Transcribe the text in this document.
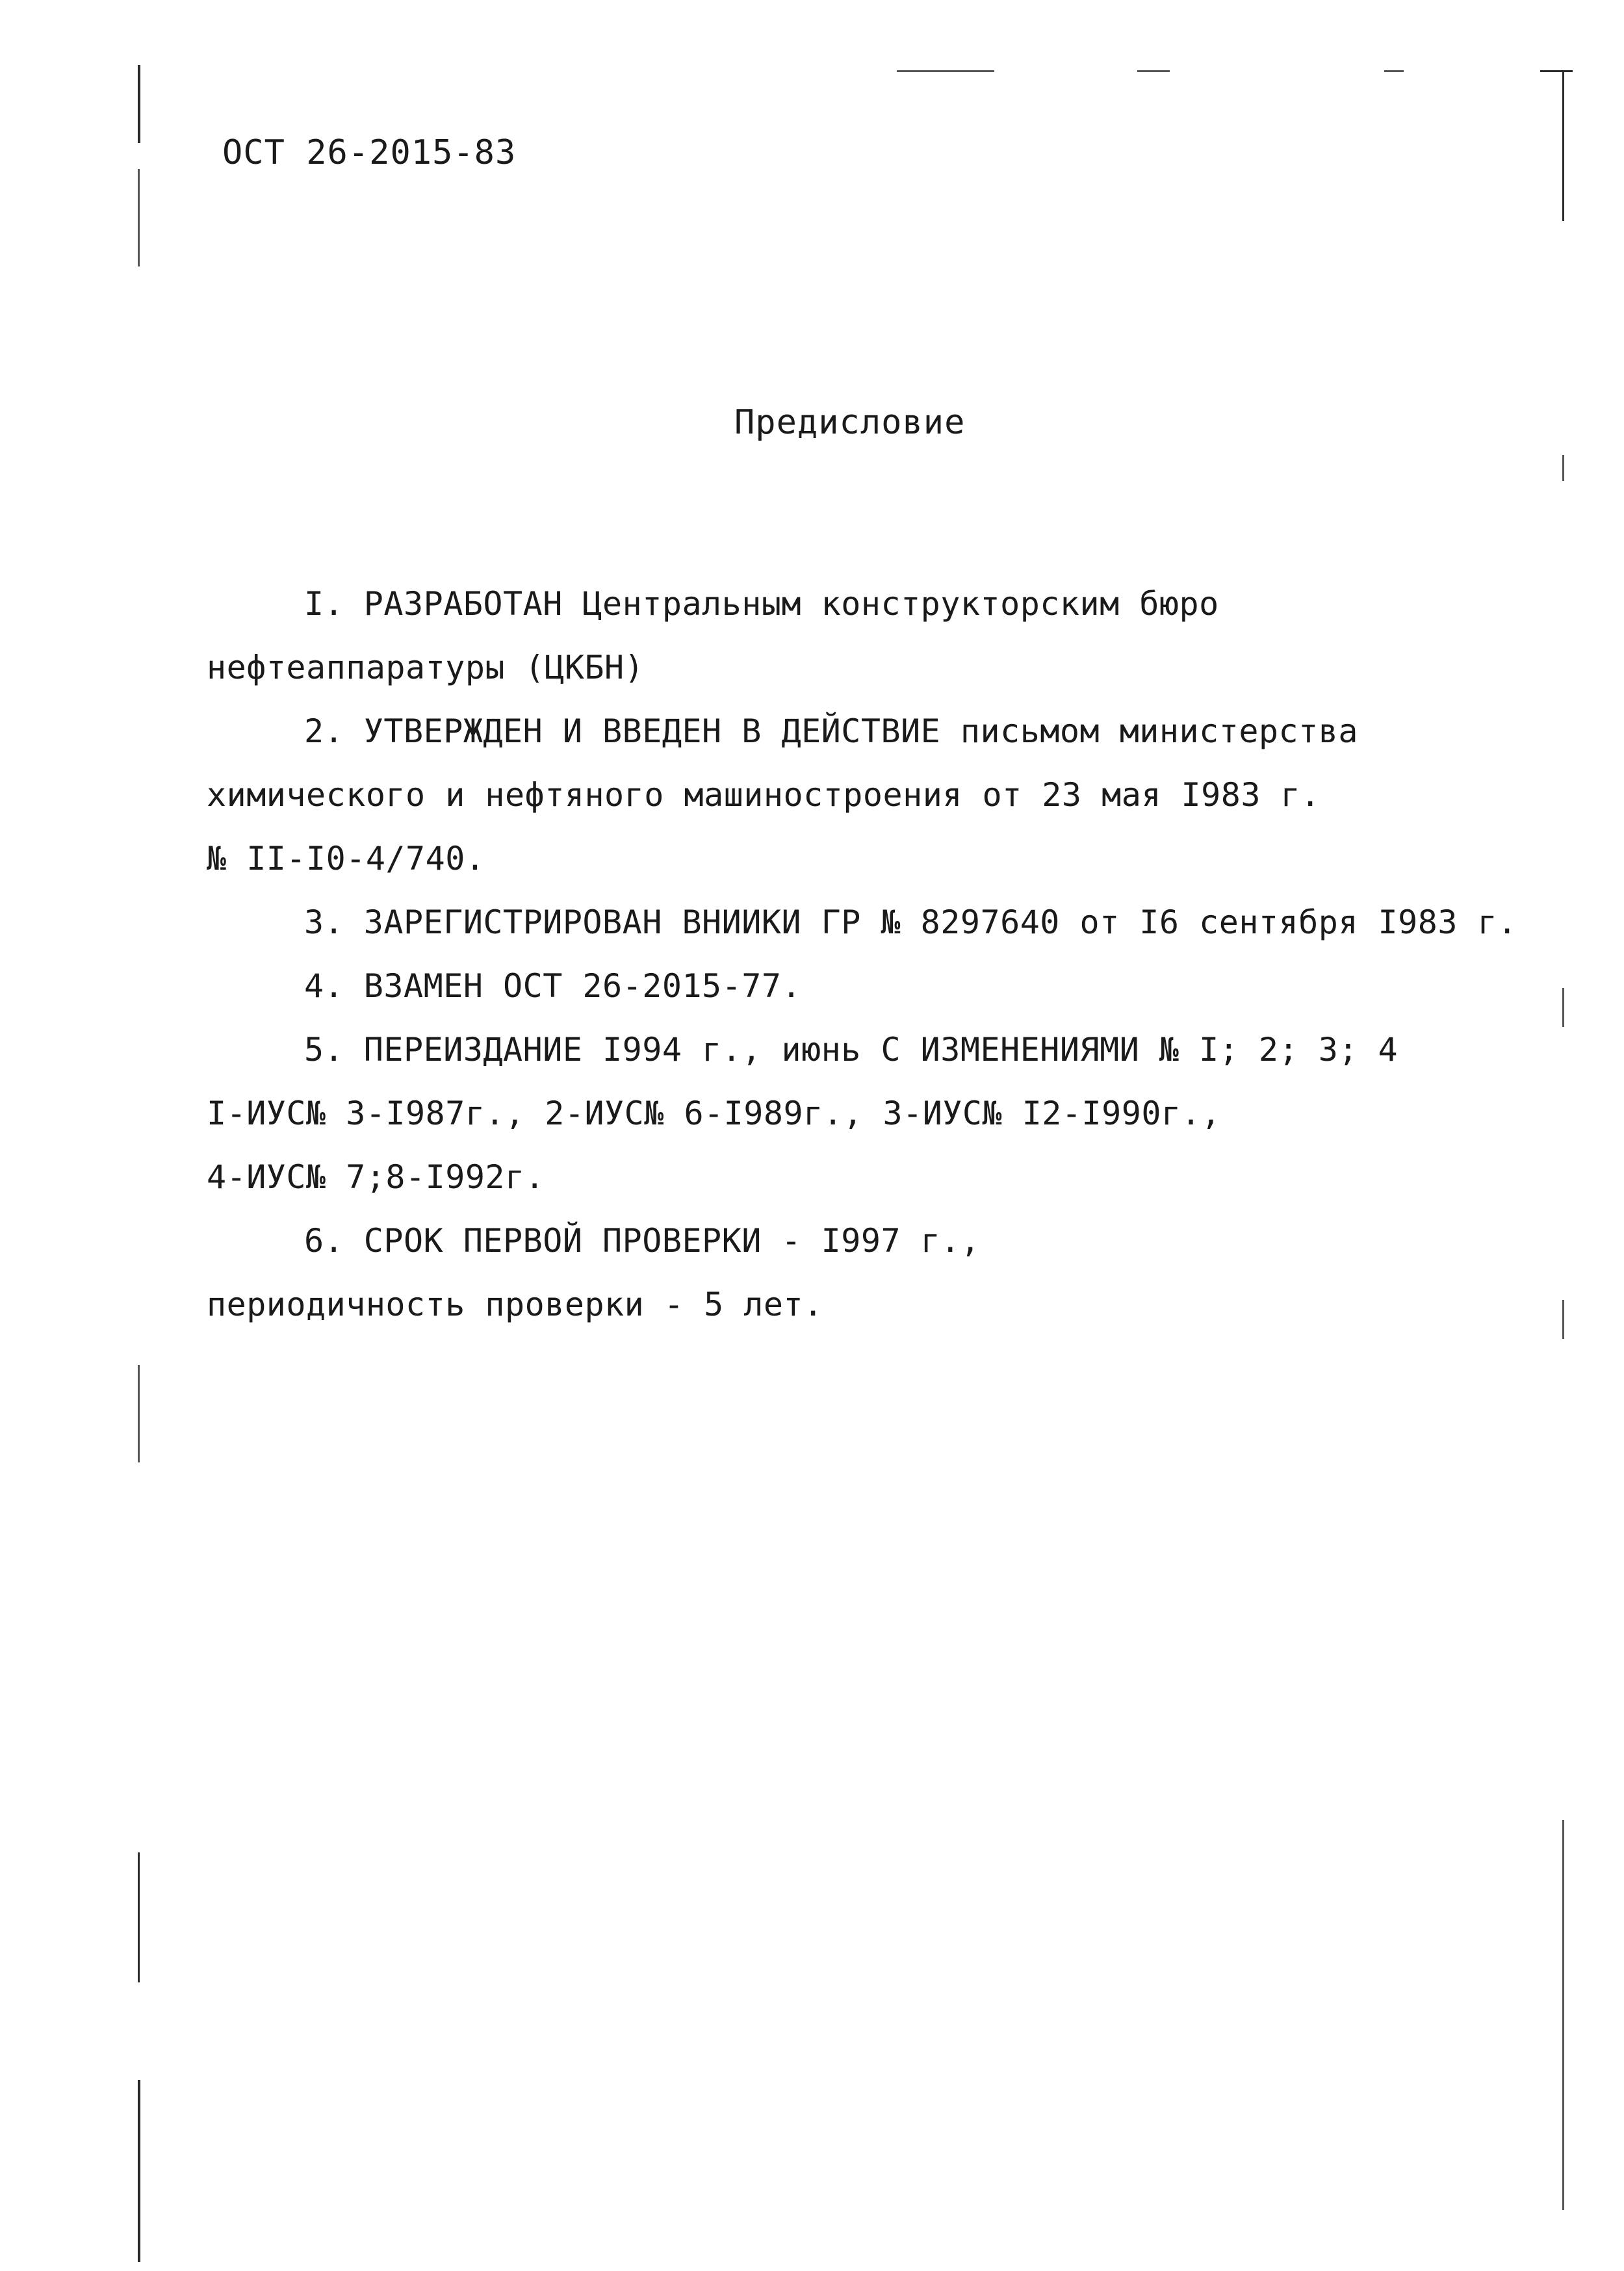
ОСТ 26-2015-83
Предисловие
I. РАЗРАБОТАН Центральным конструкторским бюро
нефтеаппаратуры (ЦКБН)
2. УТВЕРЖДЕН И ВВЕДЕН В ДЕЙСТВИЕ письмом министерства
химического и нефтяного машиностроения от 23 мая I983 г.
№ II-I0-4/740.
3. ЗАРЕГИСТРИРОВАН ВНИИКИ ГР № 8297640 от I6 сентября I983 г.
4. ВЗАМЕН ОСТ 26-2015-77.
5. ПЕРЕИЗДАНИЕ I994 г., июнь С ИЗМЕНЕНИЯМИ № I; 2; 3; 4
I-ИУС№ 3-I987г., 2-ИУС№ 6-I989г., 3-ИУС№ I2-I990г.,
4-ИУС№ 7;8-I992г.
6. СРОК ПЕРВОЙ ПРОВЕРКИ - I997 г.,
периодичность проверки - 5 лет.
